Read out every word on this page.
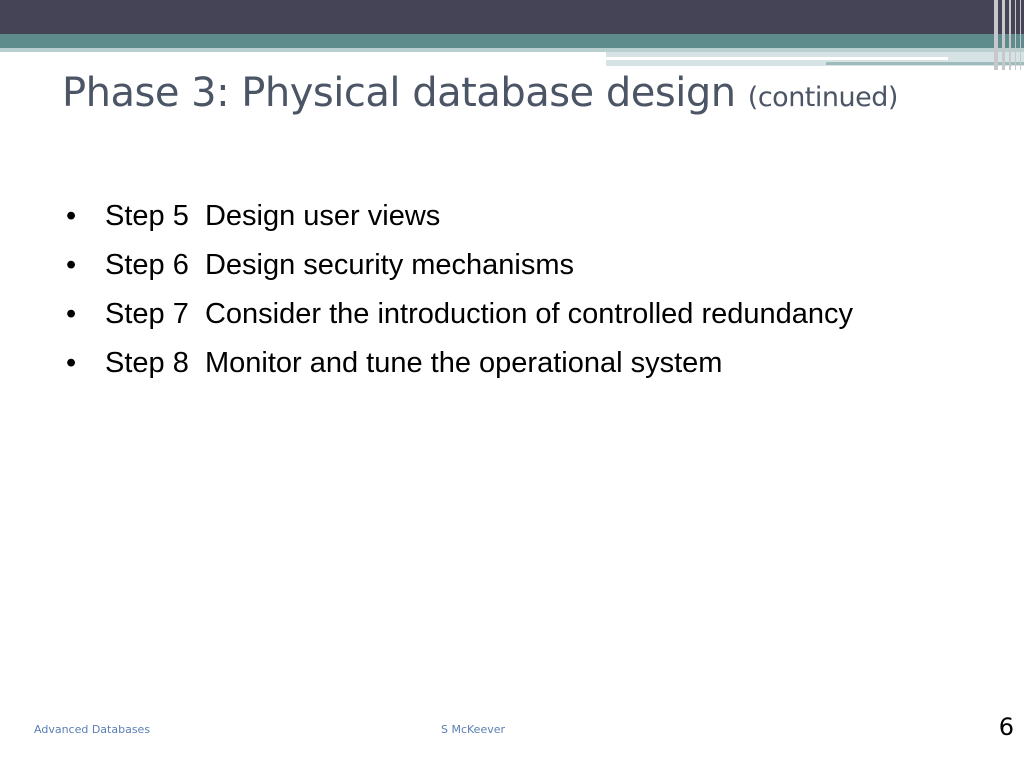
Phase 3: Physical database design (continued)
• Step 5  Design user views
• Step 6  Design security mechanisms
• Step 7  Consider the introduction of controlled redundancy
• Step 8  Monitor and tune the operational system
Advanced Databases	S McKeever	6
